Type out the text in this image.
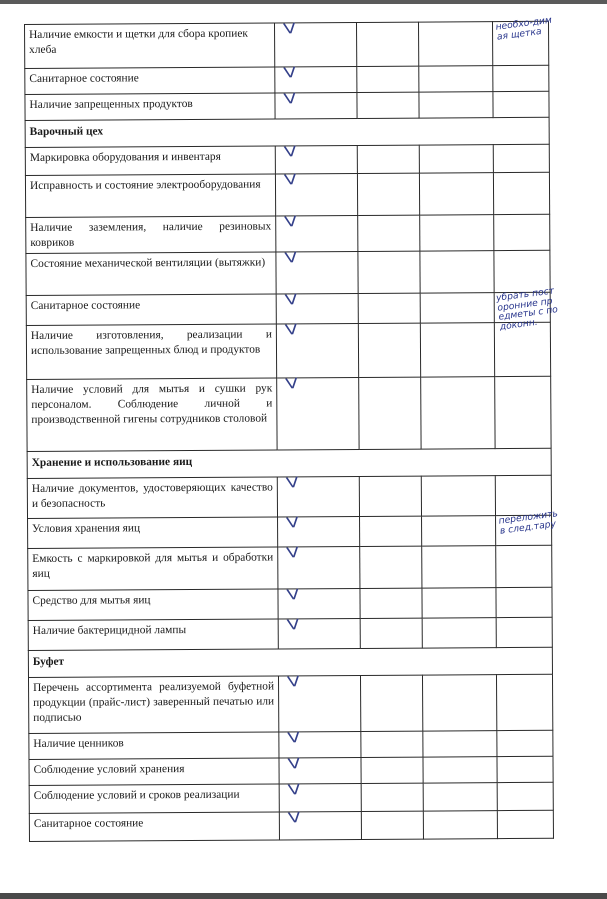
Наличие емкости и щетки для сбора кропиек хлеба	V			необхо-димая щетка

Санитарное состояние	V			

Наличие запрещенных продуктов	V			

Варочный цех				
Маркировка оборудования и инвентаря	V			

Исправность и состояние электрооборудования	V			

Наличие заземления, наличие резиновых ковриков	V			

Состояние механической вентиляции (вытяжки)	V			

Санитарное состояние	V			убрать посторонние предметы с подоконн.

Наличие изготовления, реализации и использование запрещенных блюд и продуктов	V			

Наличие условий для мытья и сушки рук персоналом. Соблюдение личной и производственной гигены сотрудников столовой	V			

Хранение и использование яиц				
Наличие документов, удостоверяющих качество и безопасность	V			

Условия хранения яиц	V			переложить в след.тару

Емкость с маркировкой для мытья и обработки яиц	V			

Средство для мытья яиц	V			

Наличие бактерицидной лампы	V			

Буфет				
Перечень ассортимента реализуемой буфетной продукции (прайс-лист) заверенный печатью или подписью	V			

Наличие ценников	V			

Соблюдение условий хранения	V			

Соблюдение условий и сроков реализации	V			

Санитарное состояние	V			
